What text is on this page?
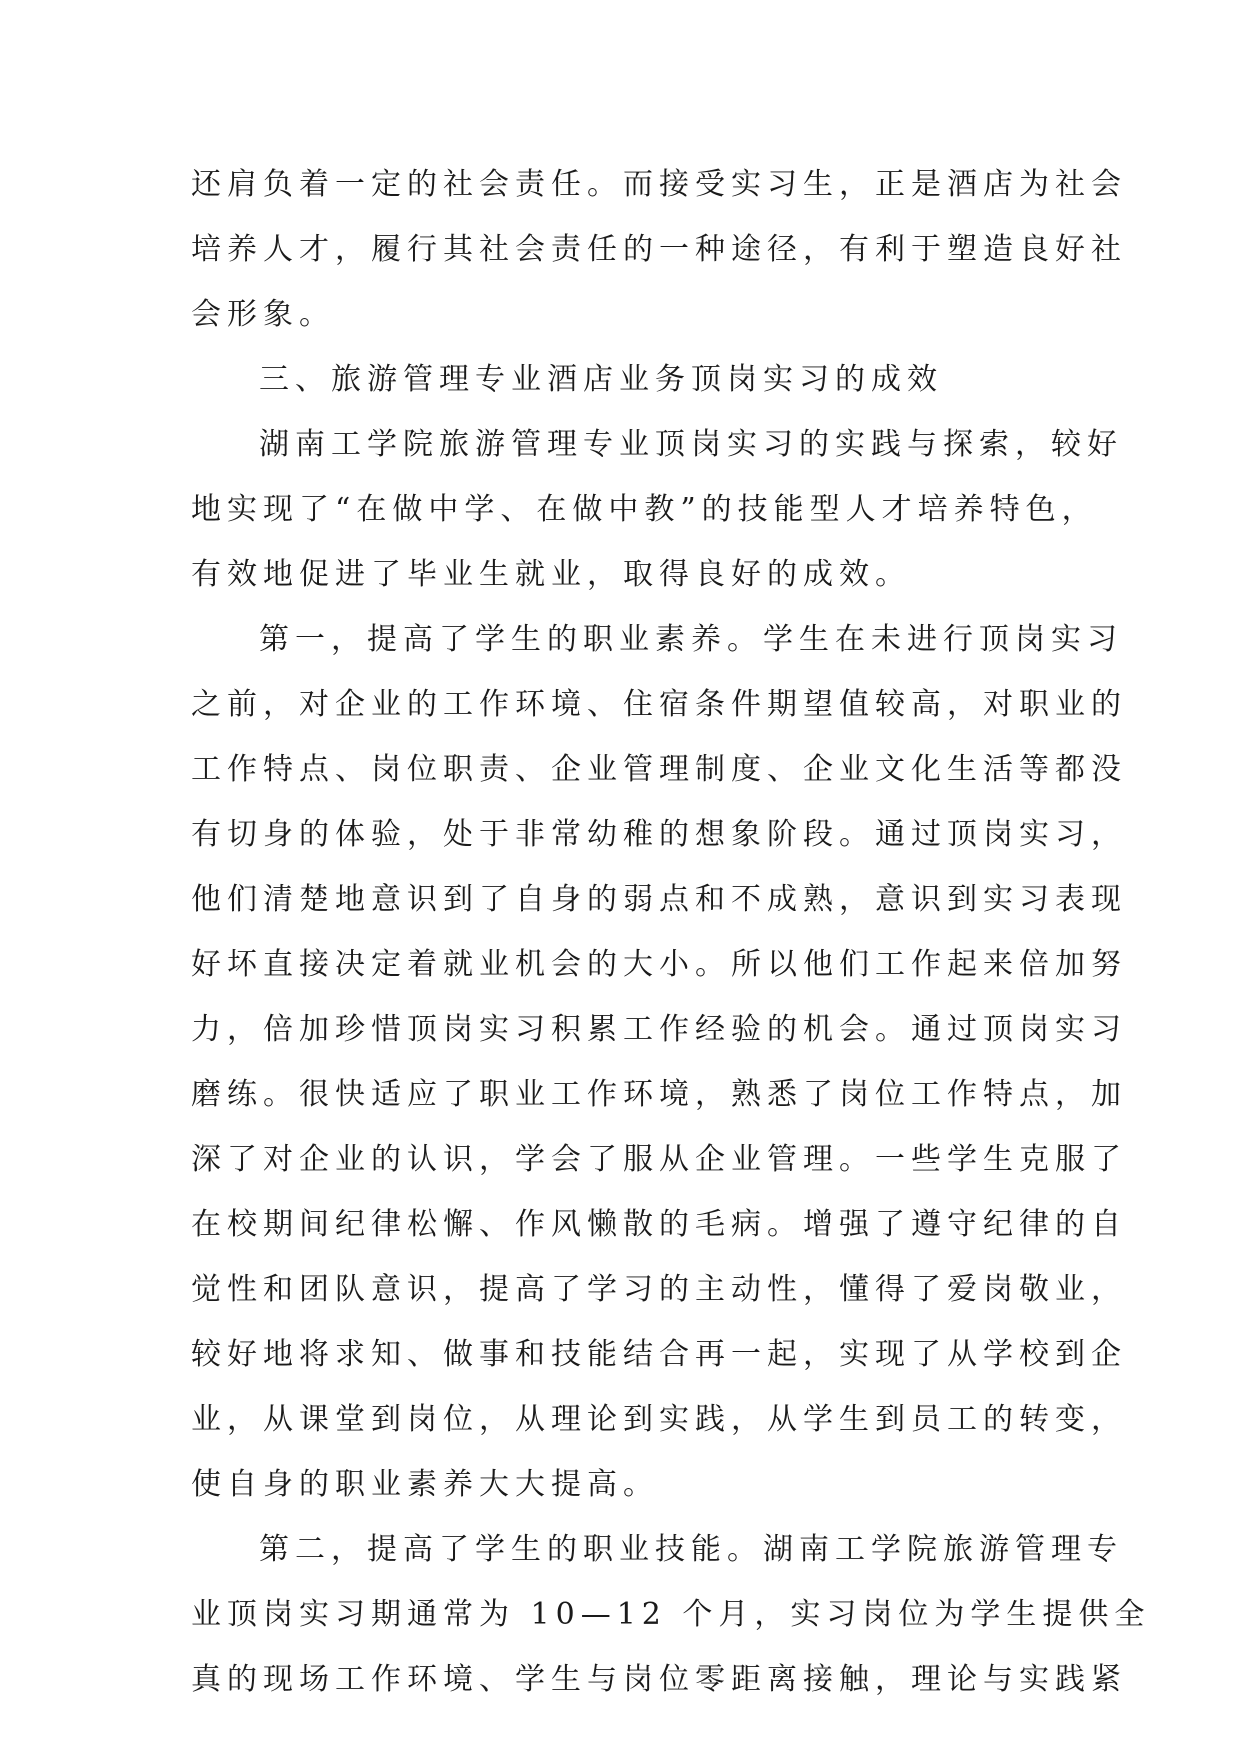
还肩负着一定的社会责任。而接受实习生，正是酒店为社会
培养人才，履行其社会责任的一种途径，有利于塑造良好社
会形象。
三、旅游管理专业酒店业务顶岗实习的成效
湖南工学院旅游管理专业顶岗实习的实践与探索，较好
地实现了“在做中学、在做中教”的技能型人才培养特色，
有效地促进了毕业生就业，取得良好的成效。
第一，提高了学生的职业素养。学生在未进行顶岗实习
之前，对企业的工作环境、住宿条件期望值较高，对职业的
工作特点、岗位职责、企业管理制度、企业文化生活等都没
有切身的体验，处于非常幼稚的想象阶段。通过顶岗实习，
他们清楚地意识到了自身的弱点和不成熟，意识到实习表现
好坏直接决定着就业机会的大小。所以他们工作起来倍加努
力，倍加珍惜顶岗实习积累工作经验的机会。通过顶岗实习
磨练。很快适应了职业工作环境，熟悉了岗位工作特点，加
深了对企业的认识，学会了服从企业管理。一些学生克服了
在校期间纪律松懈、作风懒散的毛病。增强了遵守纪律的自
觉性和团队意识，提高了学习的主动性，懂得了爱岗敬业，
较好地将求知、做事和技能结合再一起，实现了从学校到企
业，从课堂到岗位，从理论到实践，从学生到员工的转变，
使自身的职业素养大大提高。
第二，提高了学生的职业技能。湖南工学院旅游管理专
业顶岗实习期通常为 10—12 个月，实习岗位为学生提供全
真的现场工作环境、学生与岗位零距离接触，理论与实践紧
